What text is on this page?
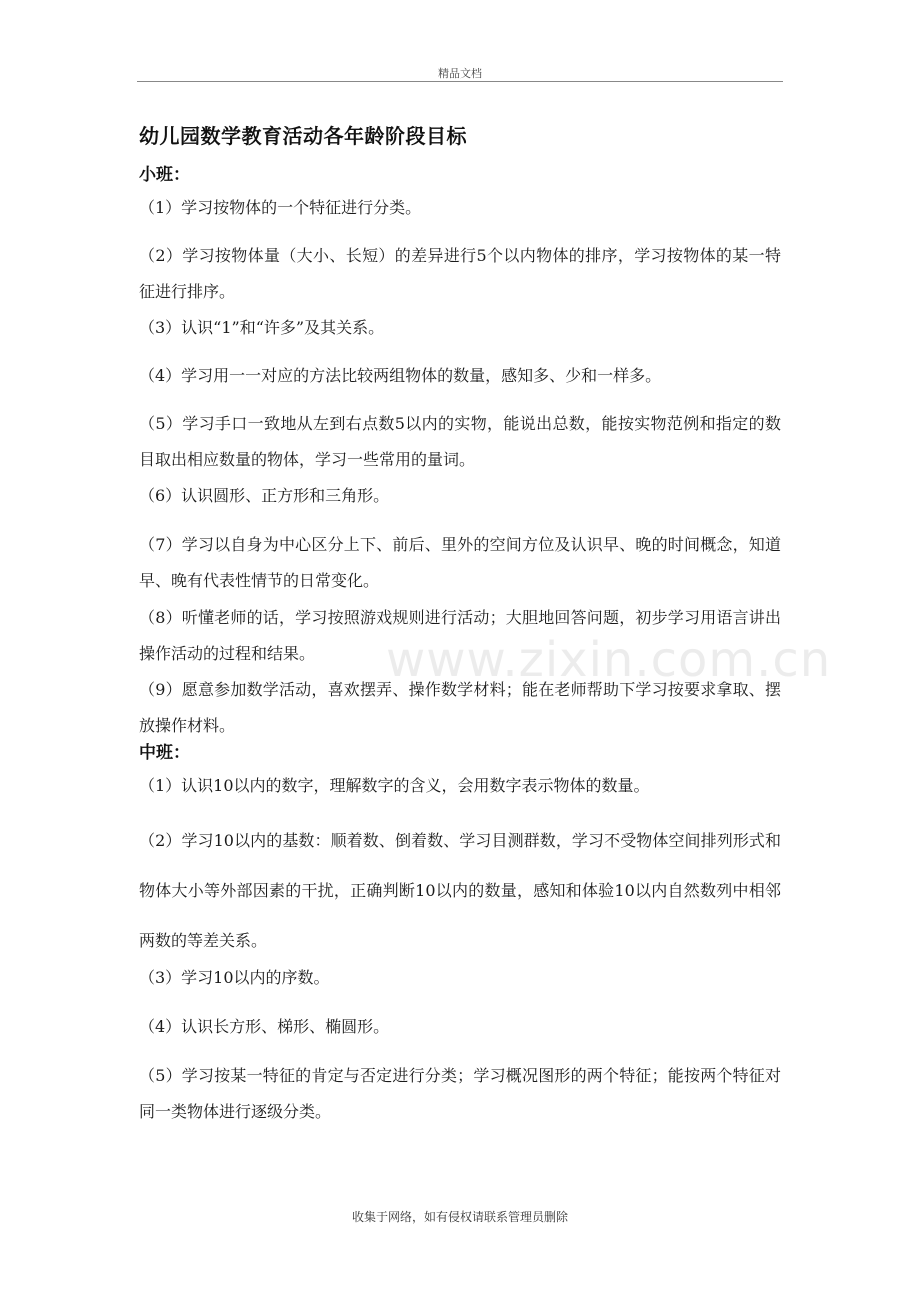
精品文档
幼儿园数学教育活动各年龄阶段目标
小班：
（1）学习按物体的一个特征进行分类。
（2）学习按物体量（大小、长短）的差异进行5个以内物体的排序，学习按物体的某一特征进行排序。
（3）认识“1”和“许多”及其关系。
（4）学习用一一对应的方法比较两组物体的数量，感知多、少和一样多。
（5）学习手口一致地从左到右点数5以内的实物，能说出总数，能按实物范例和指定的数目取出相应数量的物体，学习一些常用的量词。
（6）认识圆形、正方形和三角形。
（7）学习以自身为中心区分上下、前后、里外的空间方位及认识早、晚的时间概念，知道早、晚有代表性情节的日常变化。
（8）听懂老师的话，学习按照游戏规则进行活动；大胆地回答问题，初步学习用语言讲出操作活动的过程和结果。
（9）愿意参加数学活动，喜欢摆弄、操作数学材料；能在老师帮助下学习按要求拿取、摆放操作材料。
中班：
（1）认识10以内的数字，理解数字的含义，会用数字表示物体的数量。
（2）学习10以内的基数：顺着数、倒着数、学习目测群数，学习不受物体空间排列形式和物体大小等外部因素的干扰，正确判断10以内的数量，感知和体验10以内自然数列中相邻两数的等差关系。
（3）学习10以内的序数。
（4）认识长方形、梯形、椭圆形。
（5）学习按某一特征的肯定与否定进行分类；学习概况图形的两个特征；能按两个特征对同一类物体进行逐级分类。
www.zixin.com.cn
收集于网络，如有侵权请联系管理员删除
